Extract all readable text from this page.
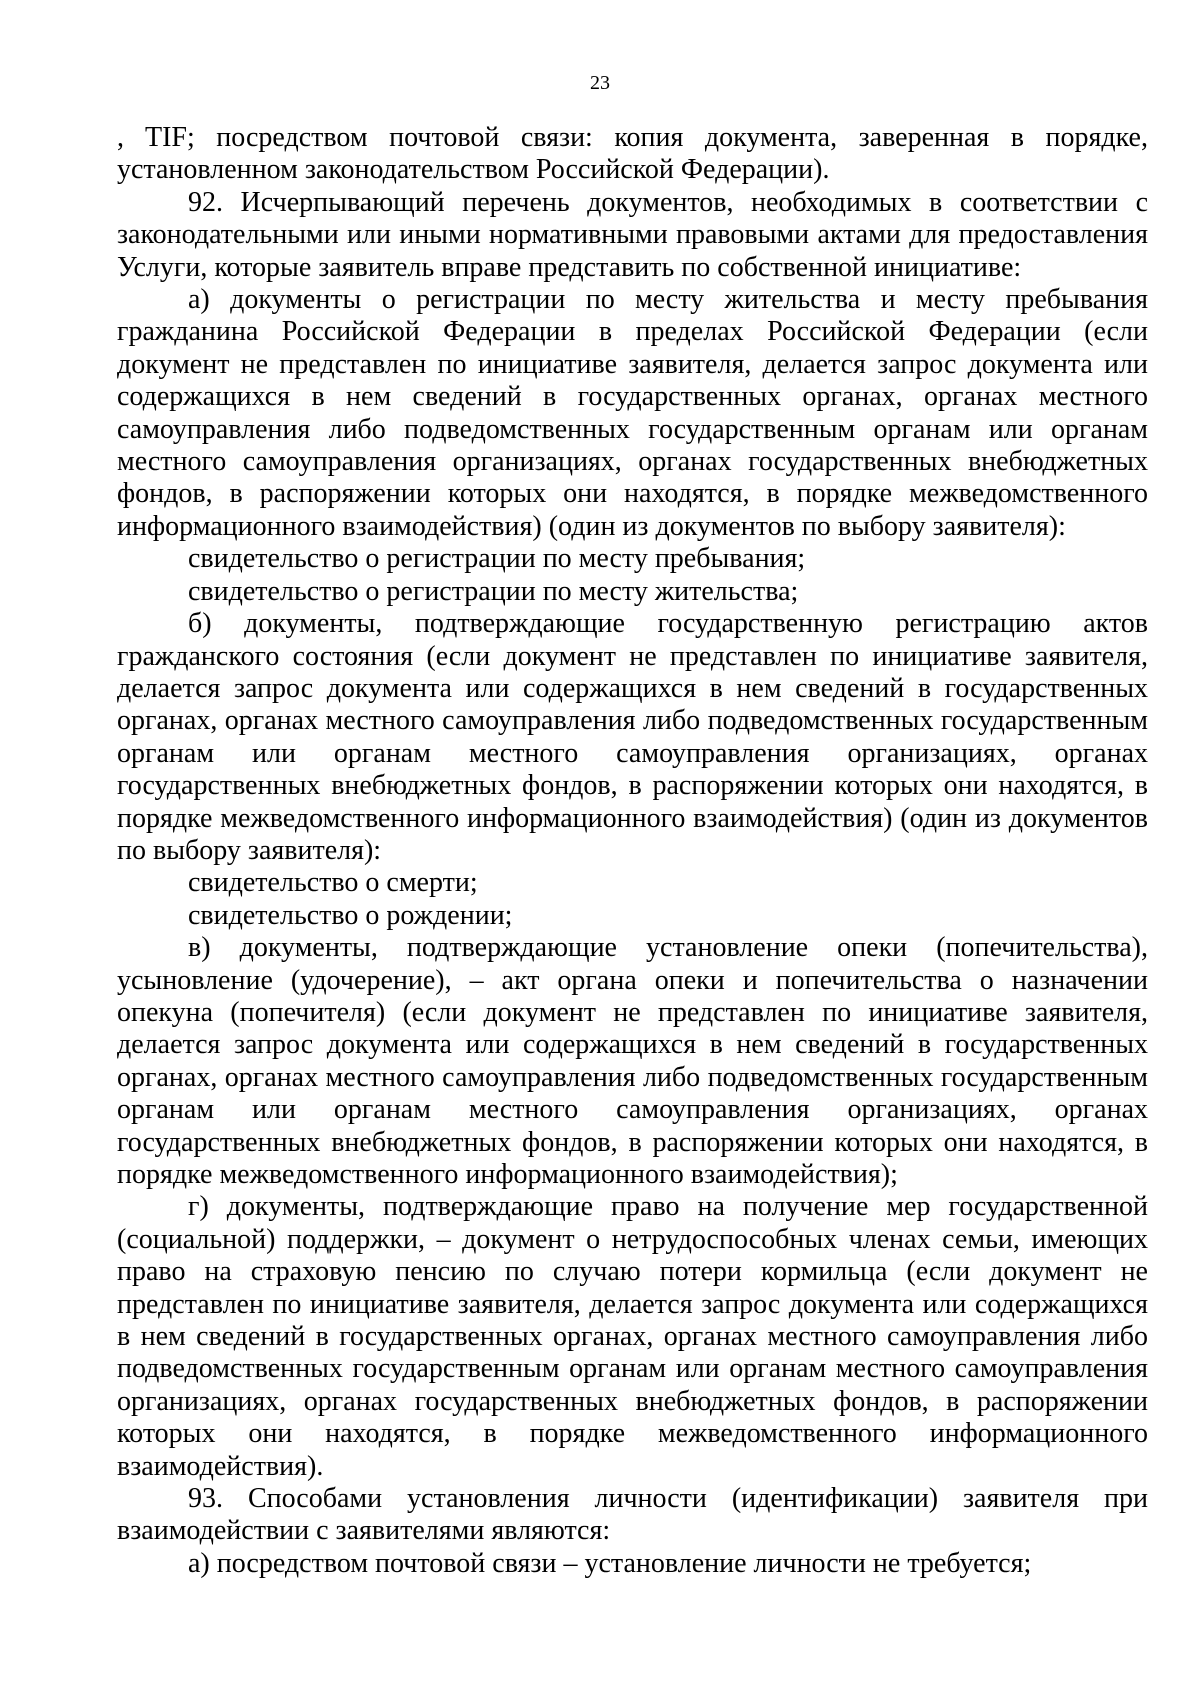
23

, TIF; посредством почтовой связи: копия документа, заверенная в порядке, установленном законодательством Российской Федерации).

92. Исчерпывающий перечень документов, необходимых в соответствии с законодательными или иными нормативными правовыми актами для предоставления Услуги, которые заявитель вправе представить по собственной инициативе:

а) документы о регистрации по месту жительства и месту пребывания гражданина Российской Федерации в пределах Российской Федерации (если документ не представлен по инициативе заявителя, делается запрос документа или содержащихся в нем сведений в государственных органах, органах местного самоуправления либо подведомственных государственным органам или органам местного самоуправления организациях, органах государственных внебюджетных фондов, в распоряжении которых они находятся, в порядке межведомственного информационного взаимодействия) (один из документов по выбору заявителя):

свидетельство о регистрации по месту пребывания;

свидетельство о регистрации по месту жительства;

б) документы, подтверждающие государственную регистрацию актов гражданского состояния (если документ не представлен по инициативе заявителя, делается запрос документа или содержащихся в нем сведений в государственных органах, органах местного самоуправления либо подведомственных государственным органам или органам местного самоуправления организациях, органах государственных внебюджетных фондов, в распоряжении которых они находятся, в порядке межведомственного информационного взаимодействия) (один из документов по выбору заявителя):

свидетельство о смерти;

свидетельство о рождении;

в) документы, подтверждающие установление опеки (попечительства), усыновление (удочерение), – акт органа опеки и попечительства о назначении опекуна (попечителя) (если документ не представлен по инициативе заявителя, делается запрос документа или содержащихся в нем сведений в государственных органах, органах местного самоуправления либо подведомственных государственным органам или органам местного самоуправления организациях, органах государственных внебюджетных фондов, в распоряжении которых они находятся, в порядке межведомственного информационного взаимодействия);

г) документы, подтверждающие право на получение мер государственной (социальной) поддержки, – документ о нетрудоспособных членах семьи, имеющих право на страховую пенсию по случаю потери кормильца (если документ не представлен по инициативе заявителя, делается запрос документа или содержащихся в нем сведений в государственных органах, органах местного самоуправления либо подведомственных государственным органам или органам местного самоуправления организациях, органах государственных внебюджетных фондов, в распоряжении которых они находятся, в порядке межведомственного информационного взаимодействия).

93. Способами установления личности (идентификации) заявителя при взаимодействии с заявителями являются:

а) посредством почтовой связи – установление личности не требуется;
